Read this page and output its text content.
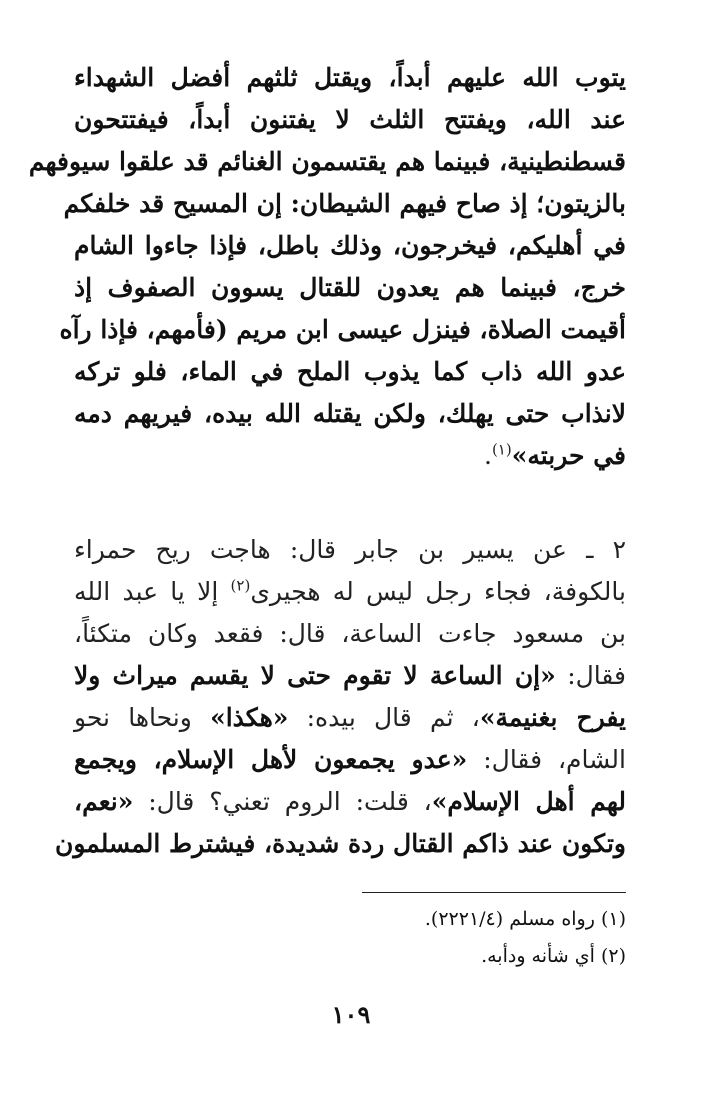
يتوب الله عليهم أبداً، ويقتل ثلثهم أفضل الشهداء
عند الله، ويفتتح الثلث لا يفتنون أبداً، فيفتتحون
قسطنطينية، فبينما هم يقتسمون الغنائم قد علقوا سيوفهم
بالزيتون؛ إذ صاح فيهم الشيطان: إن المسيح قد خلفكم
في أهليكم، فيخرجون، وذلك باطل، فإذا جاءوا الشام
خرج، فبينما هم يعدون للقتال يسوون الصفوف إذ
أقيمت الصلاة، فينزل عيسى ابن مريم (فأمهم، فإذا رآه
عدو الله ذاب كما يذوب الملح في الماء، فلو تركه
لانذاب حتى يهلك، ولكن يقتله الله بيده، فيريهم دمه
في حربته»$^{(١)}$.
٢ ـ عن يسير بن جابر قال: هاجت ريح حمراء
بالكوفة، فجاء رجل ليس له هجيرى$^{(٢)}$ إلا يا عبد الله
بن مسعود جاءت الساعة، قال: فقعد وكان متكئاً،
فقال: «إن الساعة لا تقوم حتى لا يقسم ميراث ولا
يفرح بغنيمة»، ثم قال بيده: «هكذا» ونحاها نحو
الشام، فقال: «عدو يجمعون لأهل الإسلام، ويجمع
لهم أهل الإسلام»، قلت: الروم تعني؟ قال: «نعم،
وتكون عند ذاكم القتال ردة شديدة، فيشترط المسلمون
(١) رواه مسلم (٢٢٢١/٤).
(٢) أي شأنه ودأبه.
١٠٩
